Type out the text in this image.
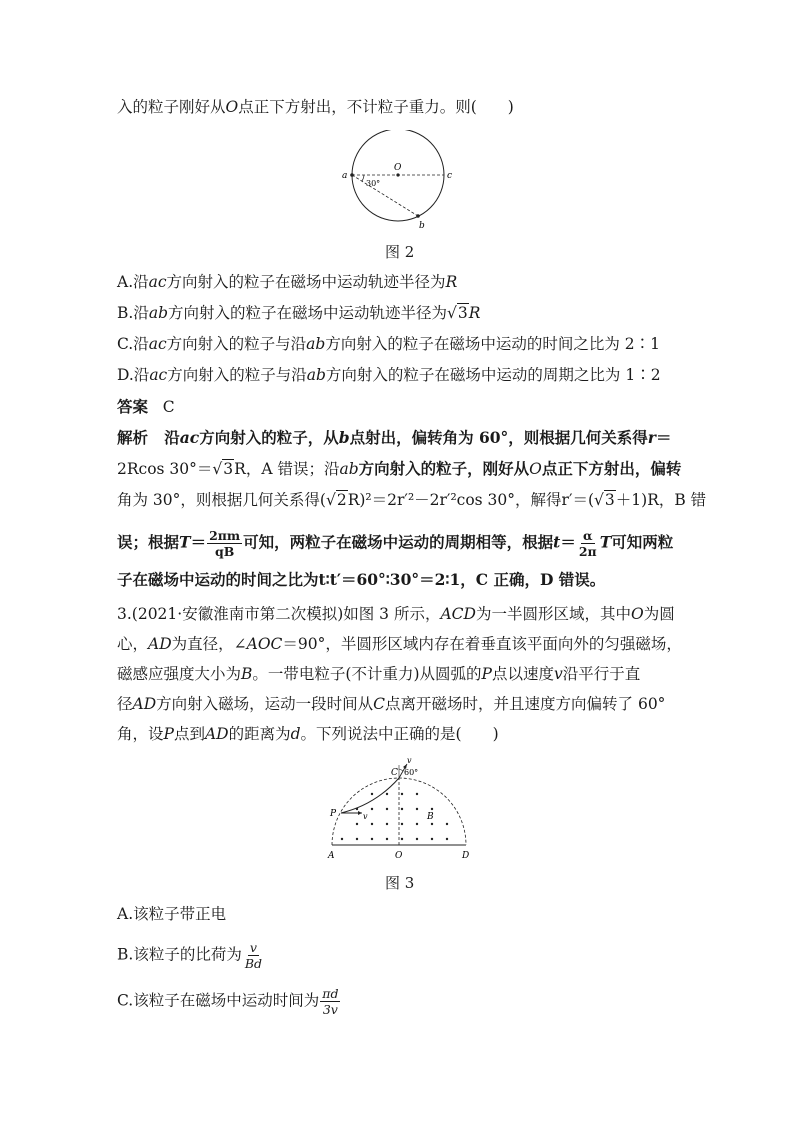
入的粒子刚好从O点正下方射出，不计粒子重力。则(　　)
a
O
c
b
30°
图 2
A.沿ac方向射入的粒子在磁场中运动轨迹半径为R
B.沿ab方向射入的粒子在磁场中运动轨迹半径为√3R
C.沿ac方向射入的粒子与沿ab方向射入的粒子在磁场中运动的时间之比为 2∶1
D.沿ac方向射入的粒子与沿ab方向射入的粒子在磁场中运动的周期之比为 1∶2
答案 C
解析 沿ac方向射入的粒子，从b点射出，偏转角为 60°，则根据几何关系得r＝
2Rcos 30°＝√3R，A 错误；沿ab方向射入的粒子，刚好从O点正下方射出，偏转
角为 30°，则根据几何关系得(√2R)²＝2r′²－2r′²cos 30°，解得r′＝(√3＋1)R，B 错
误；根据$T= \frac{2\pi m}{qB}$ 可知，两粒子在磁场中运动的周期相等，根据$t= \frac{\alpha}{2\pi}$ T可知两粒
子在磁场中运动的时间之比为t∶t′＝60°∶30°＝2∶1，C 正确，D 错误。
3.(2021·安徽淮南市第二次模拟)如图 3 所示，ACD为一半圆形区域，其中O为圆
心，AD为直径，∠AOC＝90°，半圆形区域内存在着垂直该平面向外的匀强磁场，
磁感应强度大小为B。一带电粒子(不计重力)从圆弧的P点以速度v沿平行于直
径AD方向射入磁场，运动一段时间从C点离开磁场时，并且速度方向偏转了 60°
角，设P点到AD的距离为d。下列说法中正确的是(　　)
A	O	D
C
P	B
v
v
60°
图 3
A.该粒子带正电
B.该粒子的比荷为 $\frac{v}{Bd}$
C.该粒子在磁场中运动时间为 $\frac{\pi d}{3v}$
